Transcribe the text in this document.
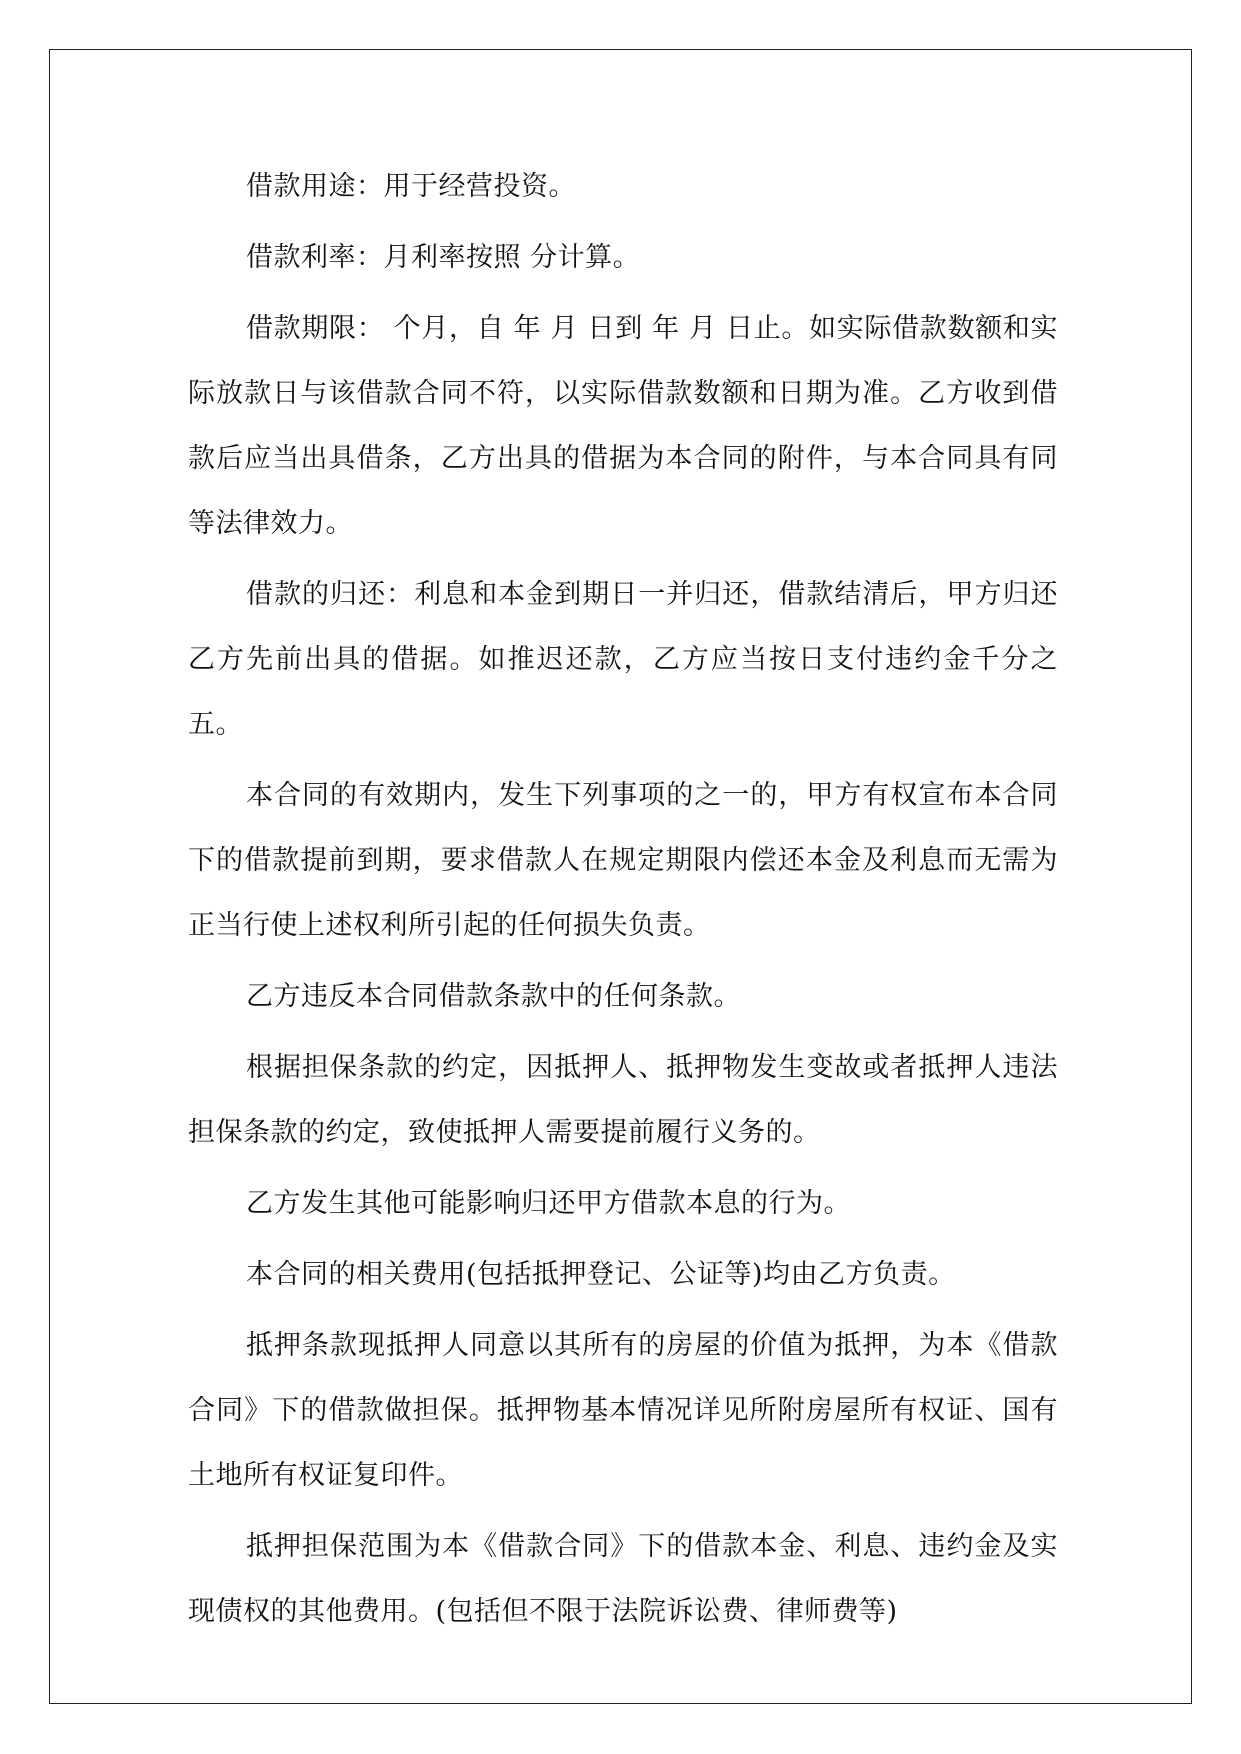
借款用途：用于经营投资。

借款利率：月利率按照 分计算。

借款期限： 个月，自 年 月 日到 年 月 日止。如实际借款数额和实际放款日与该借款合同不符，以实际借款数额和日期为准。乙方收到借款后应当出具借条，乙方出具的借据为本合同的附件，与本合同具有同等法律效力。

借款的归还：利息和本金到期日一并归还，借款结清后，甲方归还乙方先前出具的借据。如推迟还款，乙方应当按日支付违约金千分之五。

本合同的有效期内，发生下列事项的之一的，甲方有权宣布本合同下的借款提前到期，要求借款人在规定期限内偿还本金及利息而无需为正当行使上述权利所引起的任何损失负责。

乙方违反本合同借款条款中的任何条款。

根据担保条款的约定，因抵押人、抵押物发生变故或者抵押人违法担保条款的约定，致使抵押人需要提前履行义务的。

乙方发生其他可能影响归还甲方借款本息的行为。

本合同的相关费用(包括抵押登记、公证等)均由乙方负责。

抵押条款现抵押人同意以其所有的房屋的价值为抵押，为本《借款合同》下的借款做担保。抵押物基本情况详见所附房屋所有权证、国有土地所有权证复印件。

抵押担保范围为本《借款合同》下的借款本金、利息、违约金及实现债权的其他费用。(包括但不限于法院诉讼费、律师费等)
